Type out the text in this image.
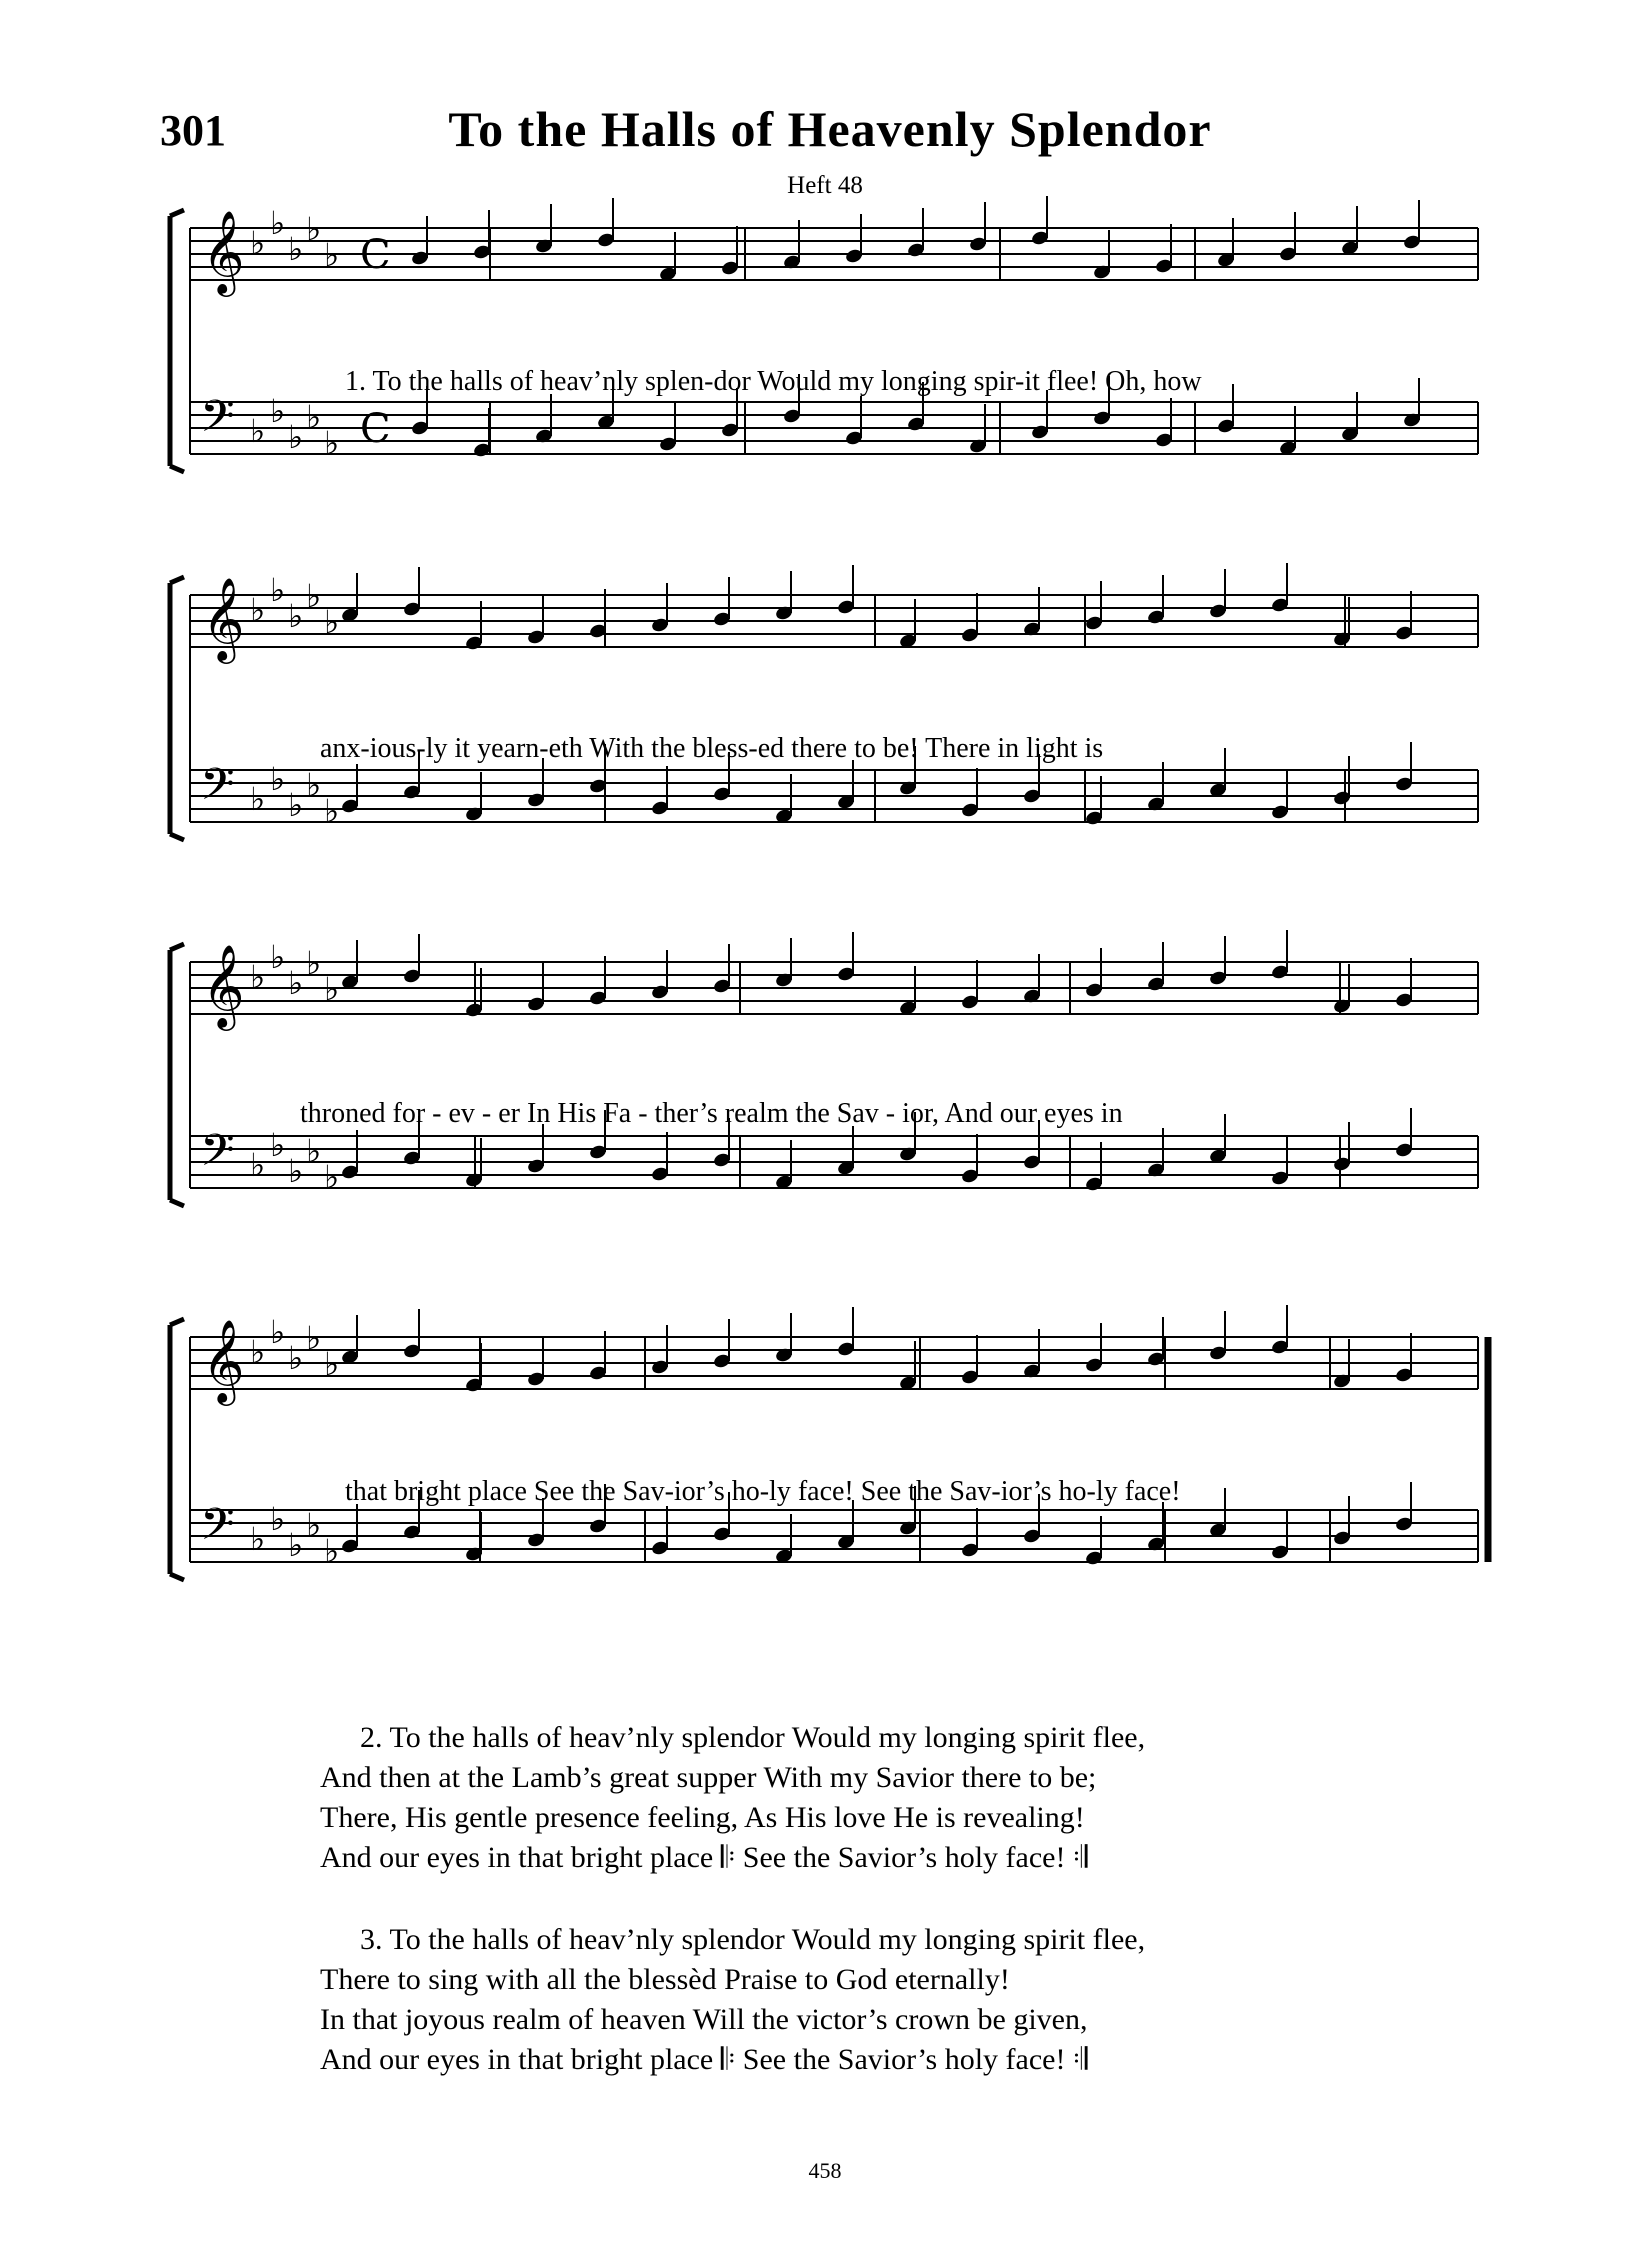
301	To the Halls of Heavenly Splendor
Heft 48
𝄞
𝄢
♭
♭
♭
♭
♭
♭
♭
♭
♭
♭
C
C
𝄞
𝄢
♭
♭
♭
♭
♭
♭
♭
♭
♭
♭
𝄞
𝄢
♭
♭
♭
♭
♭
♭
♭
♭
♭
♭
𝄞
𝄢
♭
♭
♭
♭
♭
♭
♭
♭
♭
♭
1. To the halls of heav’nly splen-dor Would my longing spir-it flee! Oh, how
anx-ious-ly it yearn-eth With the bless-ed there to be! There in light is
throned for - ev - er In His Fa - ther’s realm the Sav - ior, And our eyes in
that bright place See the Sav-ior’s ho-ly face! See the Sav-ior’s ho-ly face!
2. To the halls of heav’nly splendor Would my longing spirit flee,
And then at the Lamb’s great supper With my Savior there to be;
There, His gentle presence feeling, As His love He is revealing!
And our eyes in that bright place 𝄆 See the Savior’s holy face! 𝄇
3. To the halls of heav’nly splendor Would my longing spirit flee,
There to sing with all the blessèd Praise to God eternally!
In that joyous realm of heaven Will the victor’s crown be given,
And our eyes in that bright place 𝄆 See the Savior’s holy face! 𝄇
458
